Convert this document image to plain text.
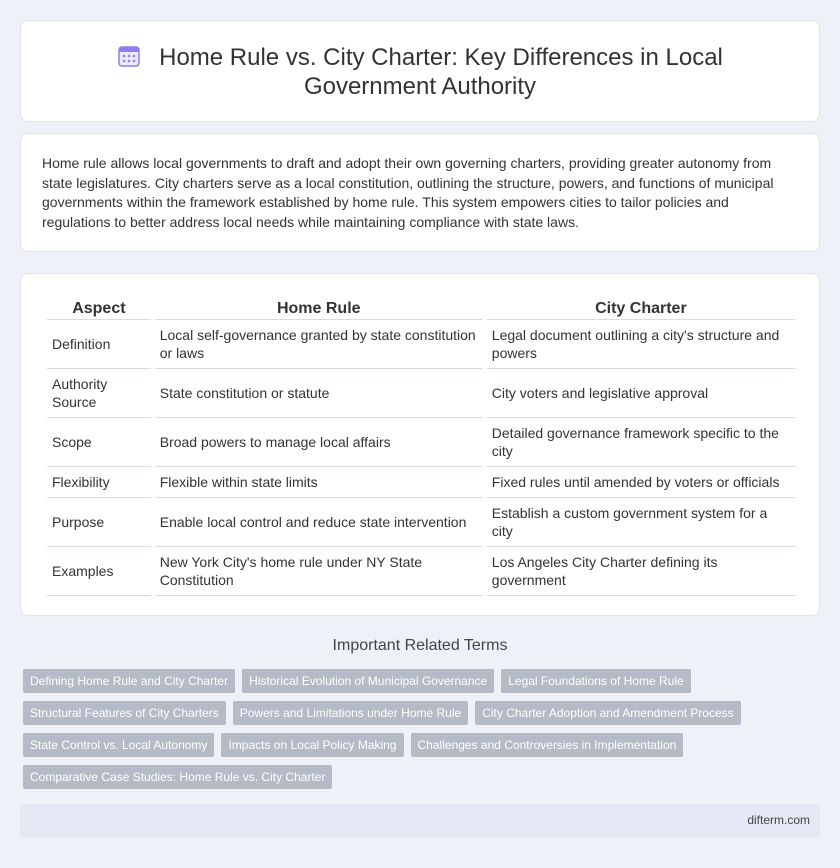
Home Rule vs. City Charter: Key Differences in Local Government Authority

Home rule allows local governments to draft and adopt their own governing charters, providing greater autonomy from state legislatures. City charters serve as a local constitution, outlining the structure, powers, and functions of municipal governments within the framework established by home rule. This system empowers cities to tailor policies and regulations to better address local needs while maintaining compliance with state laws.

Aspect	Home Rule	City Charter
Definition	Local self-governance granted by state constitution or laws	Legal document outlining a city's structure and powers
Authority Source	State constitution or statute	City voters and legislative approval
Scope	Broad powers to manage local affairs	Detailed governance framework specific to the city
Flexibility	Flexible within state limits	Fixed rules until amended by voters or officials
Purpose	Enable local control and reduce state intervention	Establish a custom government system for a city
Examples	New York City's home rule under NY State Constitution	Los Angeles City Charter defining its government
Important Related Terms
Defining Home Rule and City Charter	Historical Evolution of Municipal Governance	Legal Foundations of Home Rule
Structural Features of City Charters	Powers and Limitations under Home Rule	City Charter Adoption and Amendment Process
State Control vs. Local Autonomy	Impacts on Local Policy Making	Challenges and Controversies in Implementation
Comparative Case Studies: Home Rule vs. City Charter
difterm.com
